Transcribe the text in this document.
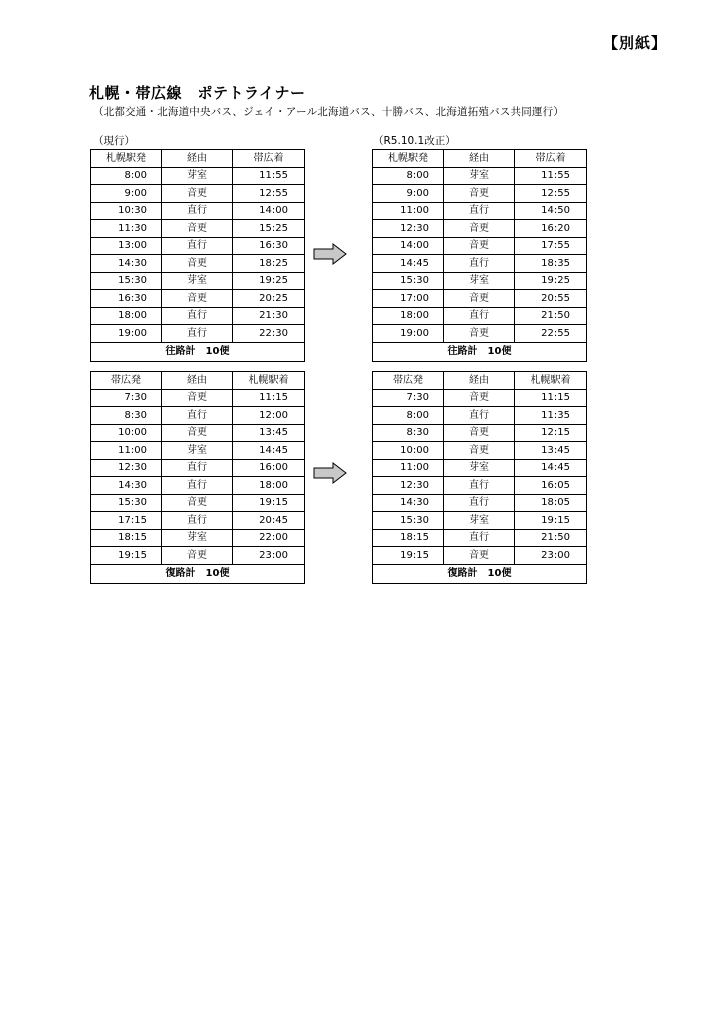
【別紙】
札幌・帯広線　ポテトライナー
（北都交通・北海道中央バス、ジェイ・アール北海道バス、十勝バス、北海道拓殖バス共同運行）
（現行）	（R5.10.1改正）
札幌駅発	経由	帯広着
8:00	芽室	11:55
9:00	音更	12:55
10:30	直行	14:00
11:30	音更	15:25
13:00	直行	16:30
14:30	音更	18:25
15:30	芽室	19:25
16:30	音更	20:25
18:00	直行	21:30
19:00	直行	22:30
往路計　10便		
札幌駅発	経由	帯広着
8:00	芽室	11:55
9:00	音更	12:55
11:00	直行	14:50
12:30	音更	16:20
14:00	音更	17:55
14:45	直行	18:35
15:30	芽室	19:25
17:00	音更	20:55
18:00	直行	21:50
19:00	音更	22:55
往路計　10便		
帯広発	経由	札幌駅着
7:30	音更	11:15
8:30	直行	12:00
10:00	音更	13:45
11:00	芽室	14:45
12:30	直行	16:00
14:30	直行	18:00
15:30	音更	19:15
17:15	直行	20:45
18:15	芽室	22:00
19:15	音更	23:00
復路計　10便		
帯広発	経由	札幌駅着
7:30	音更	11:15
8:00	直行	11:35
8:30	音更	12:15
10:00	音更	13:45
11:00	芽室	14:45
12:30	直行	16:05
14:30	直行	18:05
15:30	芽室	19:15
18:15	直行	21:50
19:15	音更	23:00
復路計　10便		
